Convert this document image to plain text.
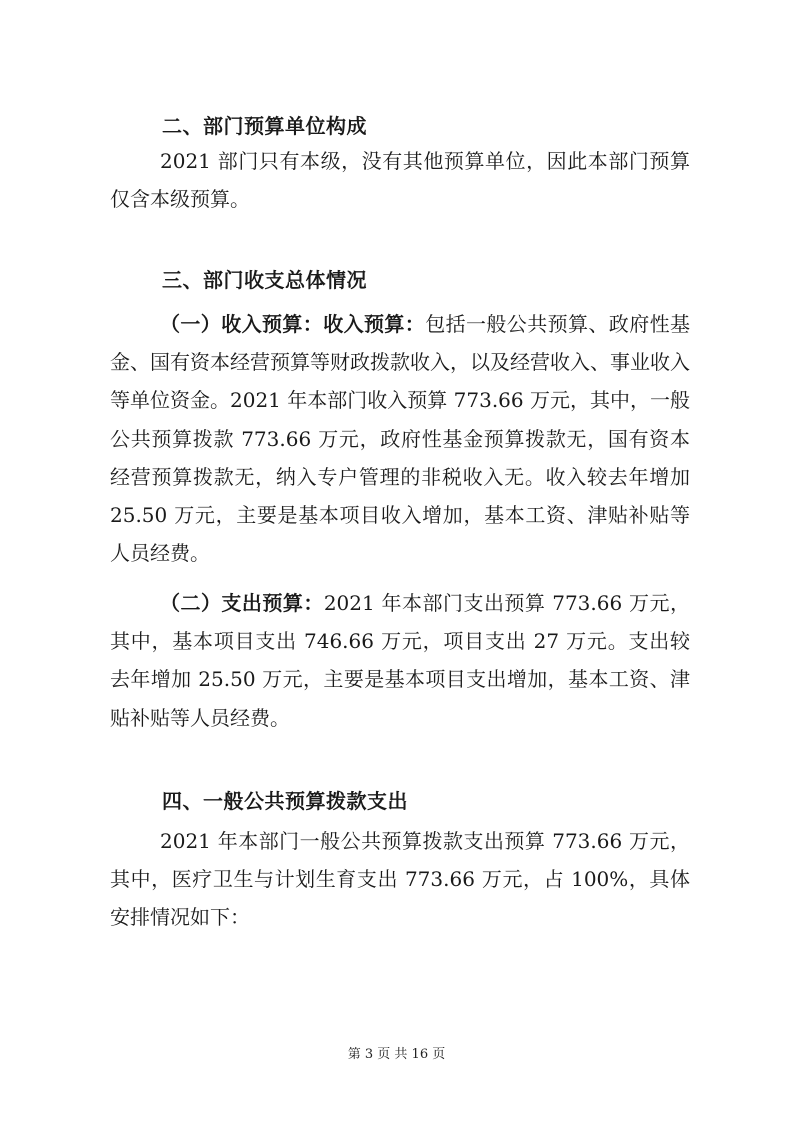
二、部门预算单位构成

2021 部门只有本级，没有其他预算单位，因此本部门预算仅含本级预算。

三、部门收支总体情况

（一）收入预算：收入预算：包括一般公共预算、政府性基金、国有资本经营预算等财政拨款收入，以及经营收入、事业收入等单位资金。2021 年本部门收入预算 773.66 万元，其中，一般公共预算拨款 773.66 万元，政府性基金预算拨款无，国有资本经营预算拨款无，纳入专户管理的非税收入无。收入较去年增加 25.50 万元，主要是基本项目收入增加，基本工资、津贴补贴等人员经费。

（二）支出预算：2021 年本部门支出预算 773.66 万元，其中，基本项目支出 746.66 万元，项目支出 27 万元。支出较去年增加 25.50 万元，主要是基本项目支出增加，基本工资、津贴补贴等人员经费。

四、一般公共预算拨款支出

2021 年本部门一般公共预算拨款支出预算 773.66 万元，其中，医疗卫生与计划生育支出 773.66 万元，占 100%，具体安排情况如下：

第 3 页 共 16 页
